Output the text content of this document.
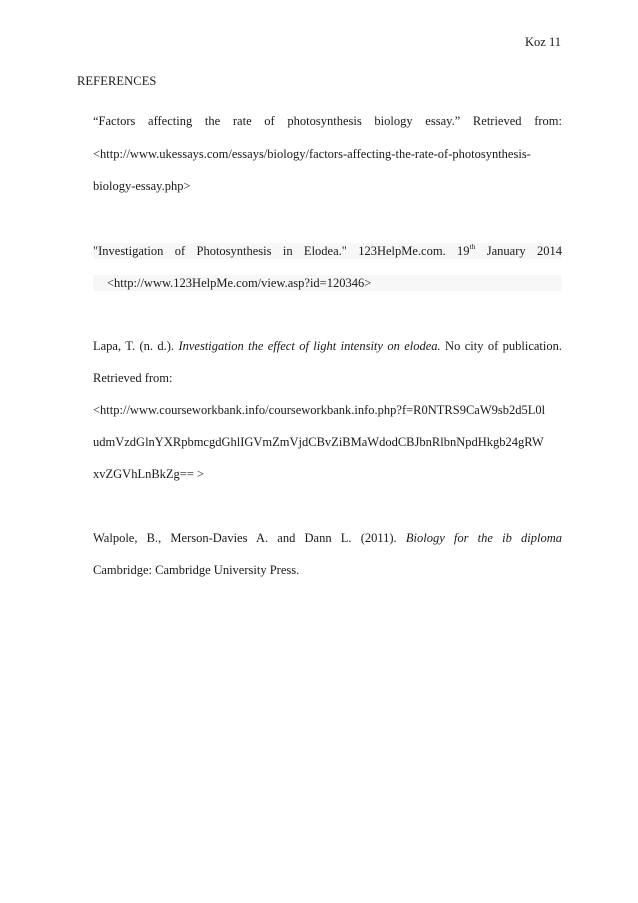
Koz 11
REFERENCES
“Factors affecting the rate of photosynthesis biology essay.” Retrieved from:
<http://www.ukessays.com/essays/biology/factors-affecting-the-rate-of-photosynthesis-
biology-essay.php>
"Investigation of Photosynthesis in Elodea." 123HelpMe.com. 19th January 2014
<http://www.123HelpMe.com/view.asp?id=120346>
Lapa, T. (n. d.). Investigation the effect of light intensity on elodea. No city of publication.
Retrieved from:
<http://www.courseworkbank.info/courseworkbank.info.php?f=R0NTRS9CaW9sb2d5L0l
udmVzdGlnYXRpbmcgdGhlIGVmZmVjdCBvZiBMaWdodCBJbnRlbnNpdHkgb24gRW
xvZGVhLnBkZg== >
Walpole, B., Merson-Davies A. and Dann L. (2011). Biology for the ib diploma
Cambridge: Cambridge University Press.
